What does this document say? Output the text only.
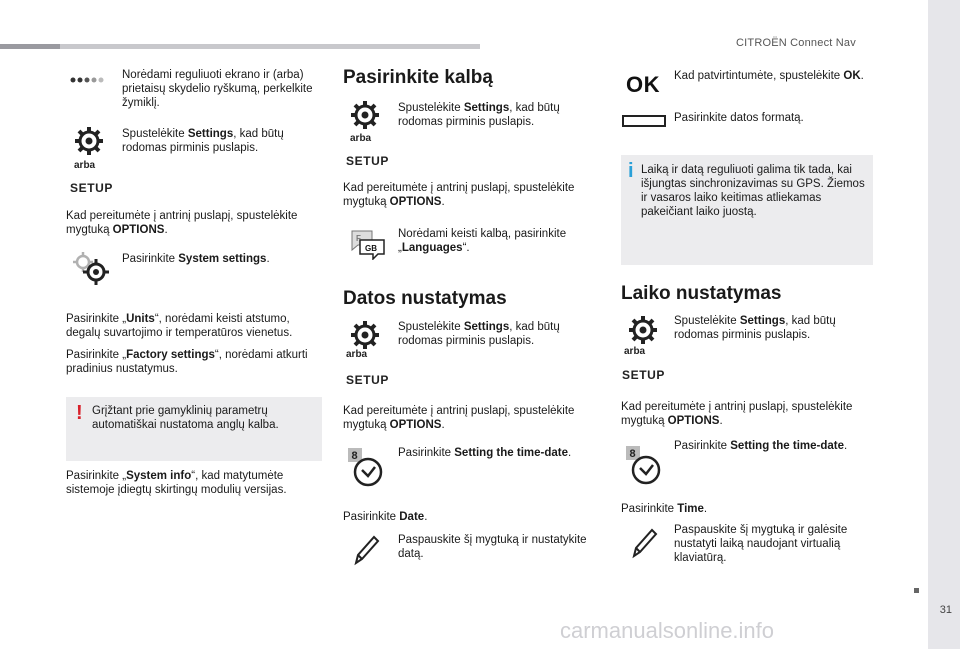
CITROËN Connect Nav
31
carmanualsonline.info
Norėdami reguliuoti ekrano ir (arba) prietaisų skydelio ryškumą, perkelkite žymiklį.
arba
SETUP
Spustelėkite Settings, kad būtų rodomas pirminis puslapis.
Kad pereitumėte į antrinį puslapį, spustelėkite mygtuką OPTIONS.
Pasirinkite System settings.
Pasirinkite „Units“, norėdami keisti atstumo, degalų suvartojimo ir temperatūros vienetus.
Pasirinkite „Factory settings“, norėdami atkurti pradinius nustatymus.
! Grįžtant prie gamyklinių parametrų automatiškai nustatoma anglų kalba.
Pasirinkite „System info“, kad matytumėte sistemoje įdiegtų skirtingų modulių versijas.
Pasirinkite kalbą
arba
SETUP
Spustelėkite Settings, kad būtų rodomas pirminis puslapis.
Kad pereitumėte į antrinį puslapį, spustelėkite mygtuką OPTIONS.
F
GB
Norėdami keisti kalbą, pasirinkite „Languages“.
Datos nustatymas
arba
SETUP
Spustelėkite Settings, kad būtų rodomas pirminis puslapis.
Kad pereitumėte į antrinį puslapį, spustelėkite mygtuką OPTIONS.
8	Pasirinkite Setting the time-date.
Pasirinkite Date.
Paspauskite šį mygtuką ir nustatykite datą.
OK Kad patvirtintumėte, spustelėkite OK.
Pasirinkite datos formatą.
i Laiką ir datą reguliuoti galima tik tada, kai išjungtas sinchronizavimas su GPS. Žiemos ir vasaros laiko keitimas atliekamas pakeičiant laiko juostą.
Laiko nustatymas
arba
SETUP
Spustelėkite Settings, kad būtų rodomas pirminis puslapis.
Kad pereitumėte į antrinį puslapį, spustelėkite mygtuką OPTIONS.
8
Pasirinkite Setting the time-date.
Pasirinkite Time.
Paspauskite šį mygtuką ir galėsite nustatyti laiką naudojant virtualią klaviatūrą.
